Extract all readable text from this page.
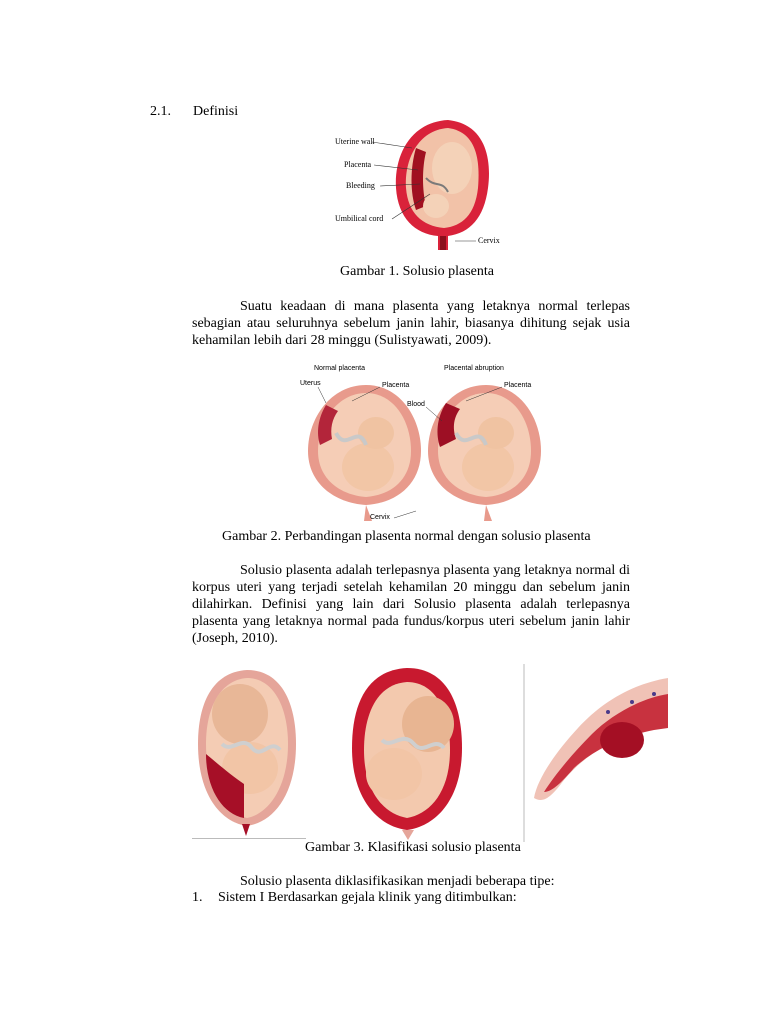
2.1. Definisi
Uterine wall
Placenta
Bleeding
Umbilical cord
Cervix
Gambar 1. Solusio plasenta
Suatu keadaan di mana plasenta yang letaknya normal terlepas sebagian atau seluruhnya sebelum janin lahir, biasanya dihitung sejak usia kehamilan lebih dari 28 minggu (Sulistyawati, 2009).
Normal placenta	Placental abruption
Uterus	Placenta	Placenta
Blood
Cervix
Gambar 2. Perbandingan plasenta normal dengan solusio plasenta
Solusio plasenta adalah terlepasnya plasenta yang letaknya normal di korpus uteri yang terjadi setelah kehamilan 20 minggu dan sebelum janin dilahirkan. Definisi yang lain dari Solusio plasenta adalah terlepasnya plasenta yang letaknya normal pada fundus/korpus uteri sebelum janin lahir (Joseph, 2010).
Gambar 3. Klasifikasi solusio plasenta
Solusio plasenta diklasifikasikan menjadi beberapa tipe:
1. Sistem I Berdasarkan gejala klinik yang ditimbulkan:
